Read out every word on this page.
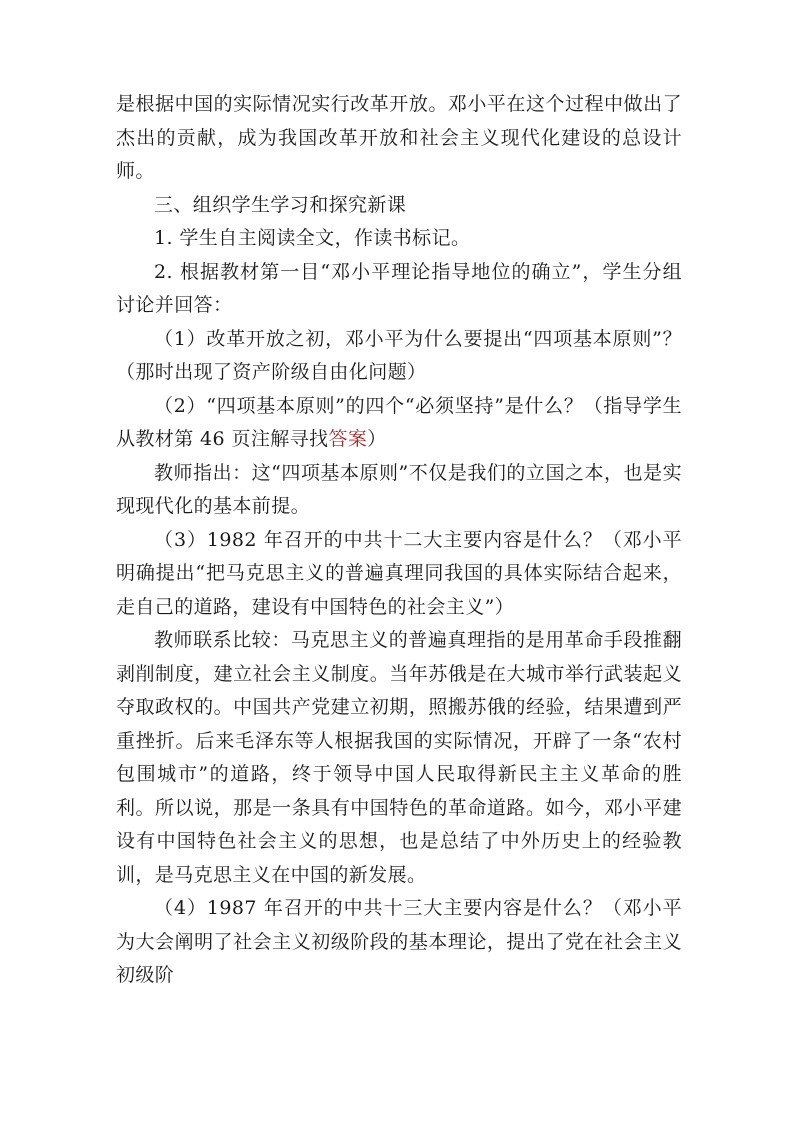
是根据中国的实际情况实行改革开放。邓小平在这个过程中做出了杰出的贡献，成为我国改革开放和社会主义现代化建设的总设计师。

三、组织学生学习和探究新课

1. 学生自主阅读全文，作读书标记。

2. 根据教材第一目“邓小平理论指导地位的确立”，学生分组讨论并回答：

（1）改革开放之初，邓小平为什么要提出“四项基本原则”？（那时出现了资产阶级自由化问题）

（2）“四项基本原则”的四个“必须坚持”是什么？（指导学生从教材第 46 页注解寻找答案）

教师指出：这“四项基本原则”不仅是我们的立国之本，也是实现现代化的基本前提。

（3）1982 年召开的中共十二大主要内容是什么？（邓小平明确提出“把马克思主义的普遍真理同我国的具体实际结合起来，走自己的道路，建设有中国特色的社会主义”）

教师联系比较：马克思主义的普遍真理指的是用革命手段推翻剥削制度，建立社会主义制度。当年苏俄是在大城市举行武装起义夺取政权的。中国共产党建立初期，照搬苏俄的经验，结果遭到严重挫折。后来毛泽东等人根据我国的实际情况，开辟了一条“农村包围城市”的道路，终于领导中国人民取得新民主主义革命的胜利。所以说，那是一条具有中国特色的革命道路。如今，邓小平建设有中国特色社会主义的思想，也是总结了中外历史上的经验教训，是马克思主义在中国的新发展。

（4）1987 年召开的中共十三大主要内容是什么？（邓小平为大会阐明了社会主义初级阶段的基本理论，提出了党在社会主义初级阶
